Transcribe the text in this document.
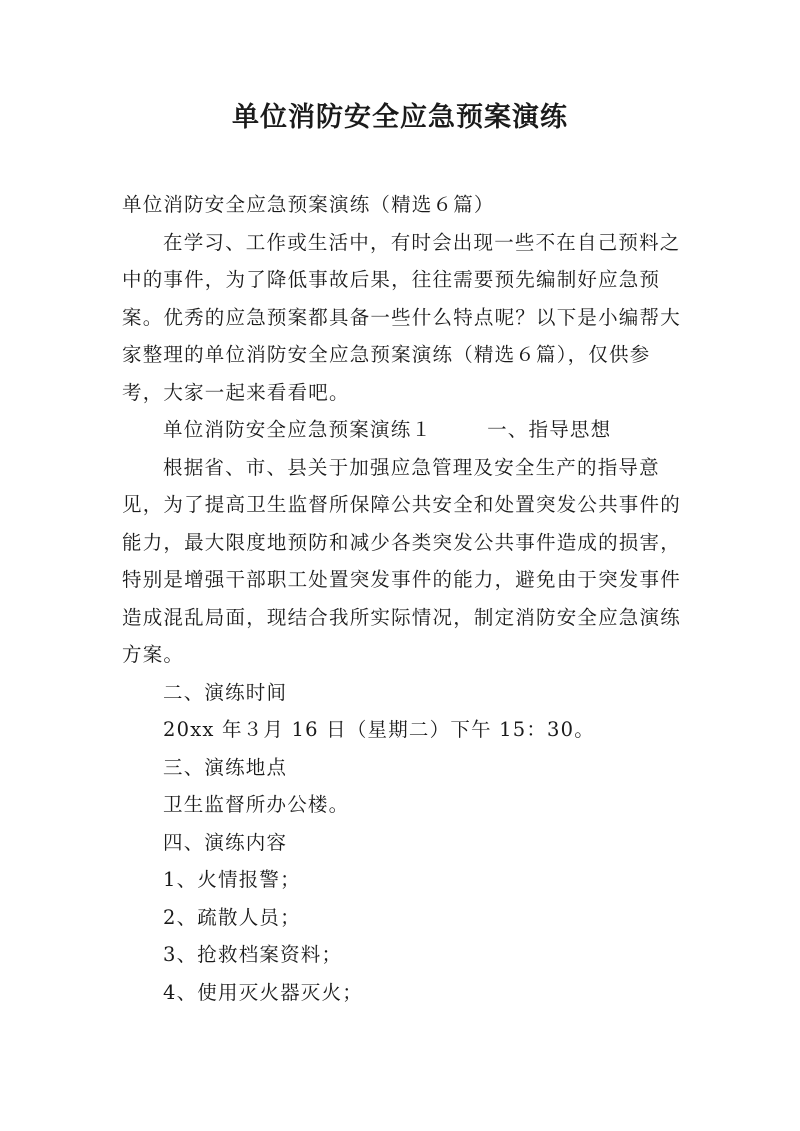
单位消防安全应急预案演练

单位消防安全应急预案演练（精选６篇）

在学习、工作或生活中，有时会出现一些不在自己预料之中的事件，为了降低事故后果，往往需要预先编制好应急预案。优秀的应急预案都具备一些什么特点呢？以下是小编帮大家整理的单位消防安全应急预案演练（精选６篇），仅供参考，大家一起来看看吧。

单位消防安全应急预案演练１	一、指导思想

根据省、市、县关于加强应急管理及安全生产的指导意见，为了提高卫生监督所保障公共安全和处置突发公共事件的能力，最大限度地预防和减少各类突发公共事件造成的损害，特别是增强干部职工处置突发事件的能力，避免由于突发事件造成混乱局面，现结合我所实际情况，制定消防安全应急演练方案。

二、演练时间

20xx 年３月 16 日（星期二）下午 15：30。

三、演练地点

卫生监督所办公楼。

四、演练内容

1、火情报警；

2、疏散人员；

3、抢救档案资料；

4、使用灭火器灭火；
